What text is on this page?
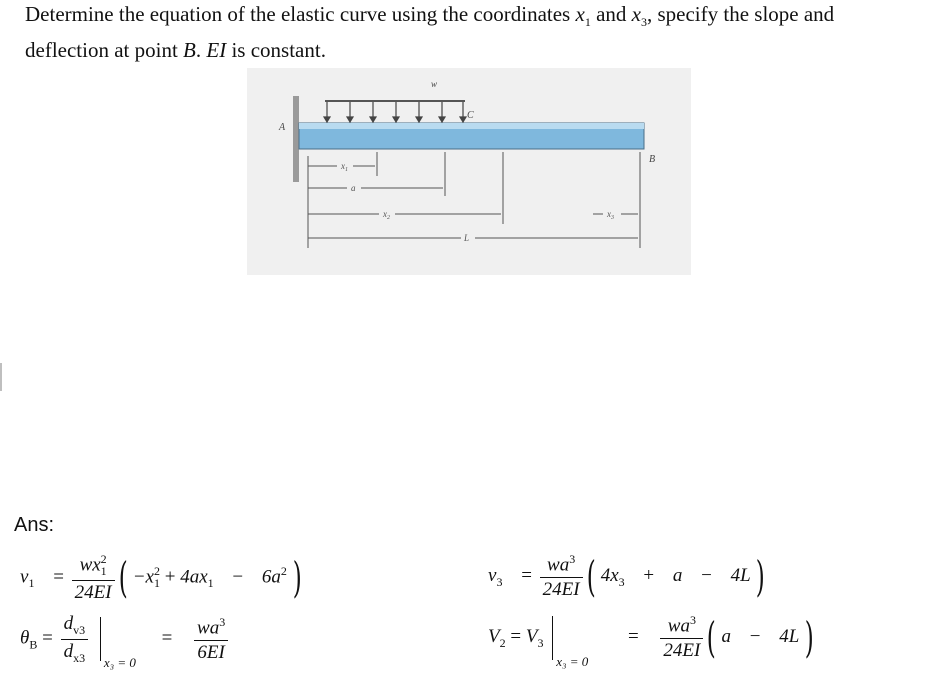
Determine the equation of the elastic curve using the coordinates $x_1$ and $x_3$, specify the slope and
deflection at point B. EI is constant.
w
A
C
B
$x_1$
a
$x_2$	$x_3$
L
Ans:
$v_1 = \frac{wx^2_1}{24EI}$ ( $-x^2_1 + 4ax_1 - 6a^2$ )
$\theta_B = \frac{d_{v3}}{d_{x3}}$
x₃ = 0
= $\frac{wa^3}{6EI}$
$v_3 = \frac{wa^3}{24EI}$ ( $4x_3 + a - 4L$ )
$V_2 = V_3$
x₃ = 0
= $\frac{wa^3}{24EI}$ ( a − 4L )
